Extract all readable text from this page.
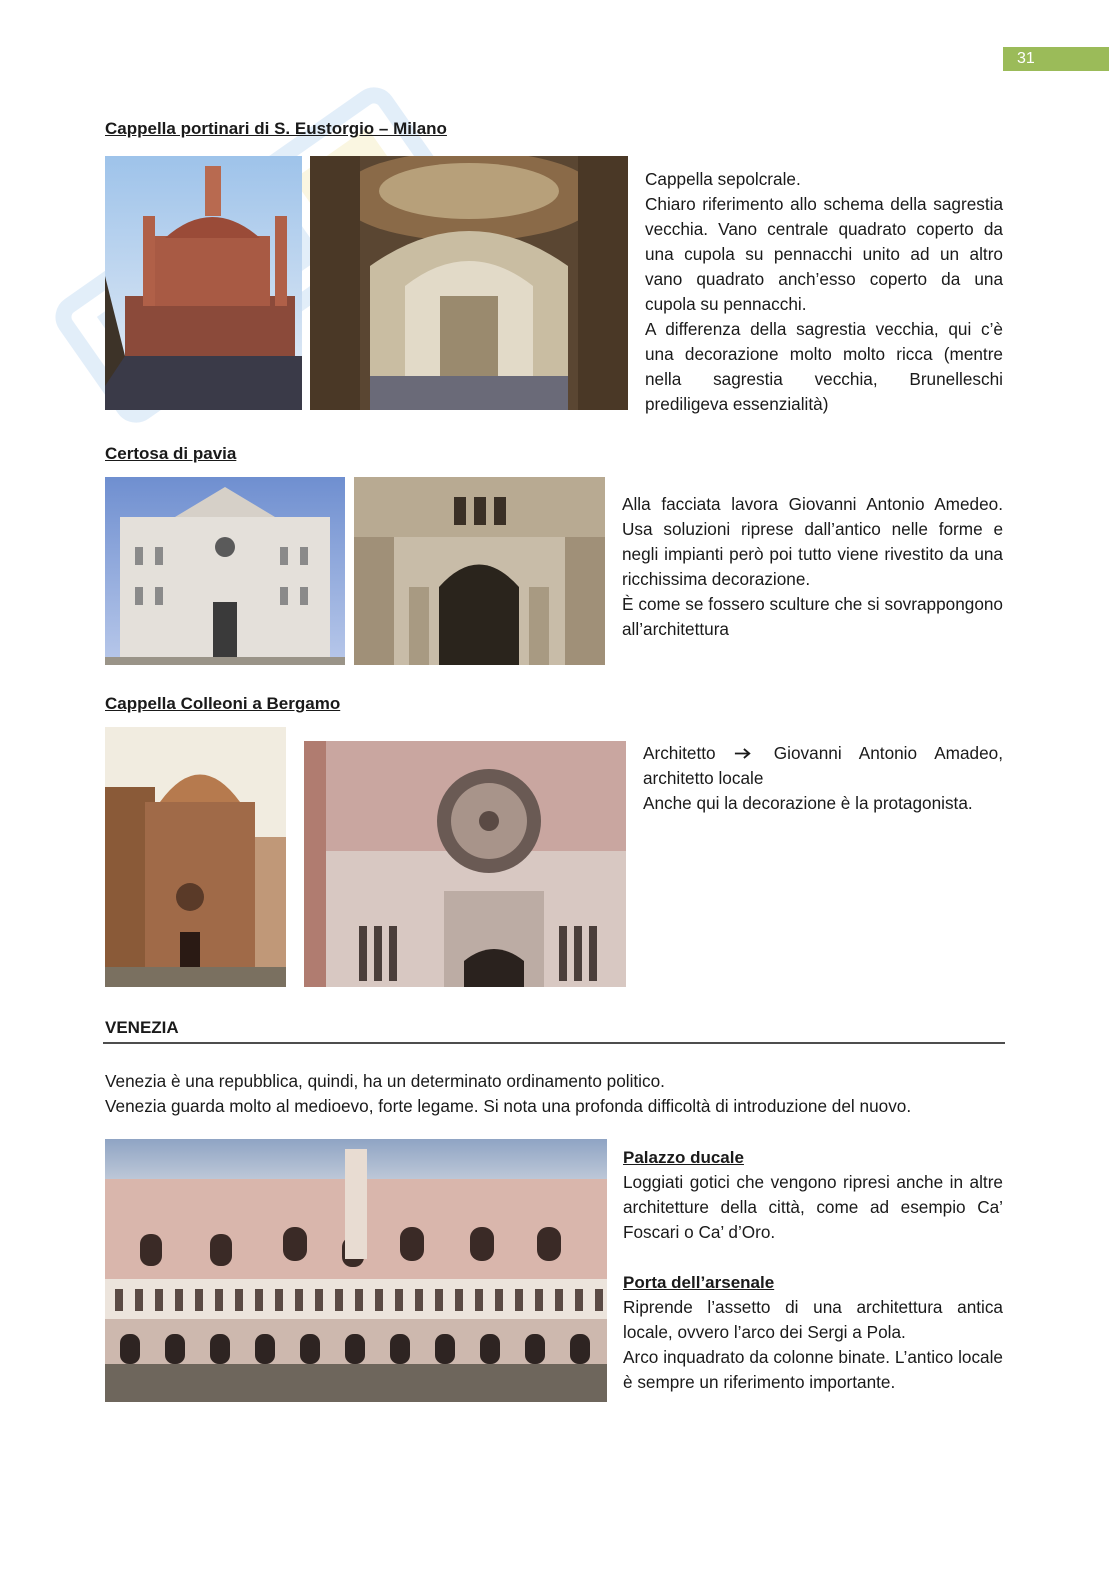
31
Cappella portinari di S. Eustorgio – Milano

Cappella sepolcrale.

Chiaro riferimento allo schema della sagrestia vecchia. Vano centrale quadrato coperto da una cupola su pennacchi unito ad un altro vano quadrato anch’esso coperto da una cupola su pennacchi.

A differenza della sagrestia vecchia, qui c’è una decorazione molto molto ricca (mentre nella sagrestia vecchia, Brunelleschi prediligeva essenzialità)

Certosa di pavia

Alla facciata lavora Giovanni Antonio Amedeo. Usa soluzioni riprese dall’antico nelle forme e negli impianti però poi tutto viene rivestito da una ricchissima decorazione.

È come se fossero sculture che si sovrappongono all’architettura

Cappella Colleoni a Bergamo

Architetto	Giovanni Antonio Amadeo, architetto locale

Anche qui la decorazione è la protagonista.

VENEZIA

Venezia è una repubblica, quindi, ha un determinato ordinamento politico.

Venezia guarda molto al medioevo, forte legame. Si nota una profonda difficoltà di introduzione del nuovo.

Palazzo ducale

Loggiati gotici che vengono ripresi anche in altre architetture della città, come ad esempio Ca’ Foscari o Ca’ d’Oro.

Porta dell’arsenale

Riprende l’assetto di una architettura antica locale, ovvero l’arco dei Sergi a Pola.

Arco inquadrato da colonne binate. L’antico locale è sempre un riferimento importante.
